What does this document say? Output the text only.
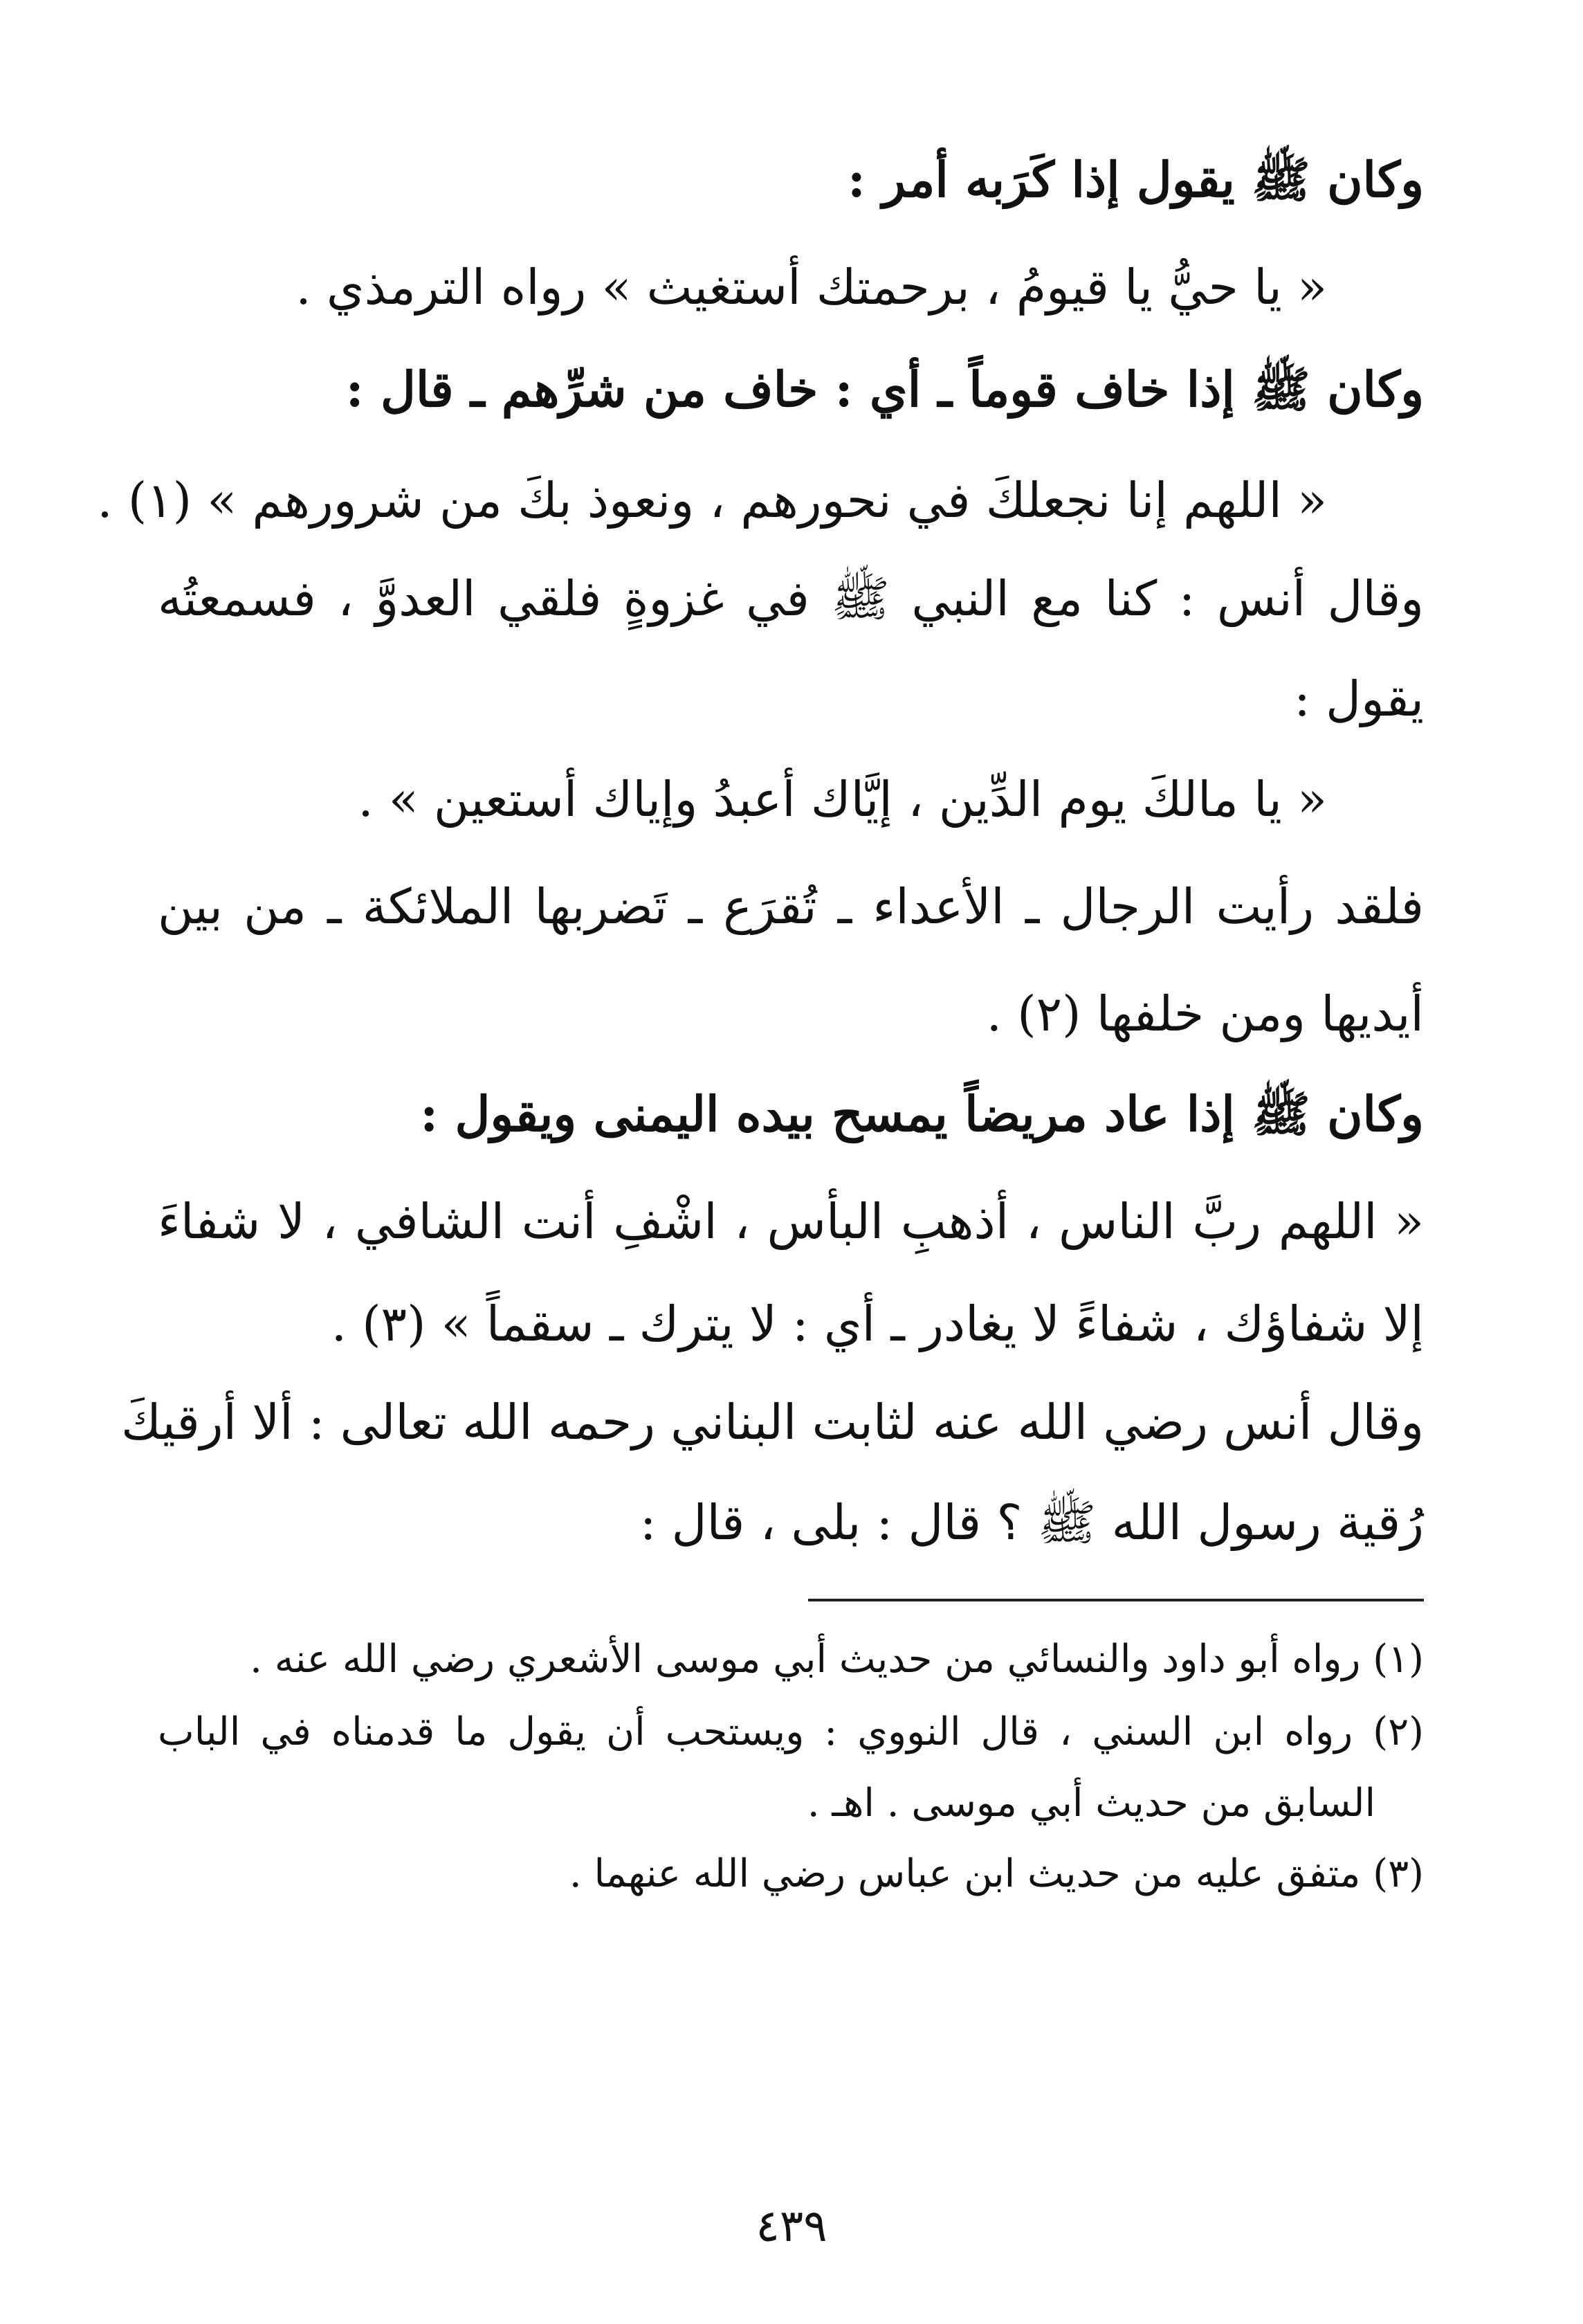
وكان ﷺ يقول إذا كَرَبه أمر :
« يا حيُّ يا قيومُ ، برحمتك أستغيث » رواه الترمذي .
وكان ﷺ إذا خاف قوماً ـ أي : خاف من شرِّهم ـ قال :
« اللهم إنا نجعلكَ في نحورهم ، ونعوذ بكَ من شرورهم » (١) .
وقال أنس : كنا مع النبي ﷺ في غزوةٍ فلقي العدوَّ ، فسمعتُه
يقول :
« يا مالكَ يوم الدِّين ، إيَّاك أعبدُ وإياك أستعين » .
فلقد رأيت الرجال ـ الأعداء ـ تُقرَع ـ تَضربها الملائكة ـ من بين
أيديها ومن خلفها (٢) .
وكان ﷺ إذا عاد مريضاً يمسح بيده اليمنى ويقول :
« اللهم ربَّ الناس ، أذهبِ البأس ، اشْفِ أنت الشافي ، لا شفاءَ
إلا شفاؤك ، شفاءً لا يغادر ـ أي : لا يترك ـ سقماً » (٣) .
وقال أنس رضي الله عنه لثابت البناني رحمه الله تعالى : ألا أرقيكَ
رُقية رسول الله ﷺ ؟ قال : بلى ، قال :
(١) رواه أبو داود والنسائي من حديث أبي موسى الأشعري رضي الله عنه .
(٢) رواه ابن السني ، قال النووي : ويستحب أن يقول ما قدمناه في الباب
السابق من حديث أبي موسى . اهـ .
(٣) متفق عليه من حديث ابن عباس رضي الله عنهما .
٤٣٩
